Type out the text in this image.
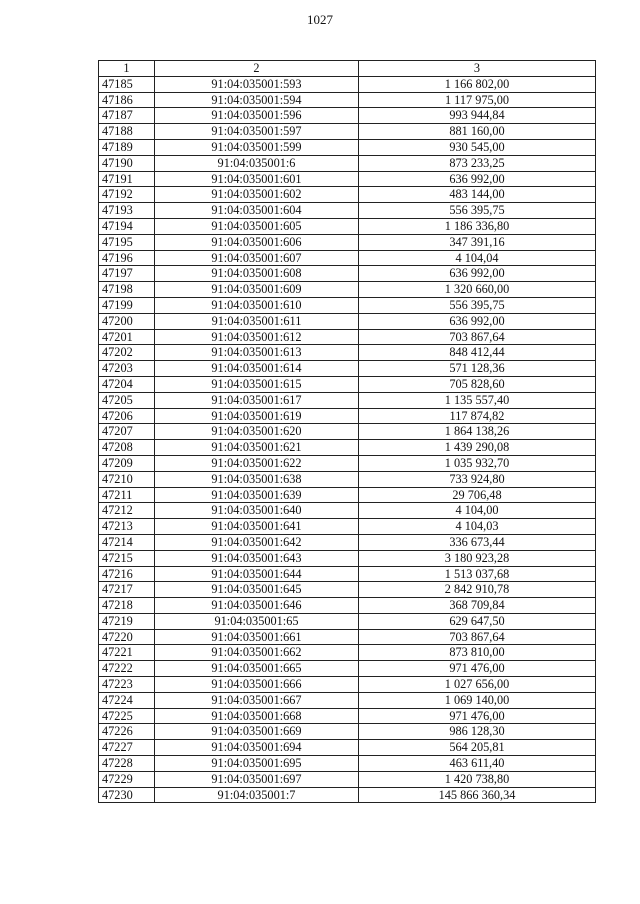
1027
1	2	3
47185	91:04:035001:593	1 166 802,00
47186	91:04:035001:594	1 117 975,00
47187	91:04:035001:596	993 944,84
47188	91:04:035001:597	881 160,00
47189	91:04:035001:599	930 545,00
47190	91:04:035001:6	873 233,25
47191	91:04:035001:601	636 992,00
47192	91:04:035001:602	483 144,00
47193	91:04:035001:604	556 395,75
47194	91:04:035001:605	1 186 336,80
47195	91:04:035001:606	347 391,16
47196	91:04:035001:607	4 104,04
47197	91:04:035001:608	636 992,00
47198	91:04:035001:609	1 320 660,00
47199	91:04:035001:610	556 395,75
47200	91:04:035001:611	636 992,00
47201	91:04:035001:612	703 867,64
47202	91:04:035001:613	848 412,44
47203	91:04:035001:614	571 128,36
47204	91:04:035001:615	705 828,60
47205	91:04:035001:617	1 135 557,40
47206	91:04:035001:619	117 874,82
47207	91:04:035001:620	1 864 138,26
47208	91:04:035001:621	1 439 290,08
47209	91:04:035001:622	1 035 932,70
47210	91:04:035001:638	733 924,80
47211	91:04:035001:639	29 706,48
47212	91:04:035001:640	4 104,00
47213	91:04:035001:641	4 104,03
47214	91:04:035001:642	336 673,44
47215	91:04:035001:643	3 180 923,28
47216	91:04:035001:644	1 513 037,68
47217	91:04:035001:645	2 842 910,78
47218	91:04:035001:646	368 709,84
47219	91:04:035001:65	629 647,50
47220	91:04:035001:661	703 867,64
47221	91:04:035001:662	873 810,00
47222	91:04:035001:665	971 476,00
47223	91:04:035001:666	1 027 656,00
47224	91:04:035001:667	1 069 140,00
47225	91:04:035001:668	971 476,00
47226	91:04:035001:669	986 128,30
47227	91:04:035001:694	564 205,81
47228	91:04:035001:695	463 611,40
47229	91:04:035001:697	1 420 738,80
47230	91:04:035001:7	145 866 360,34
